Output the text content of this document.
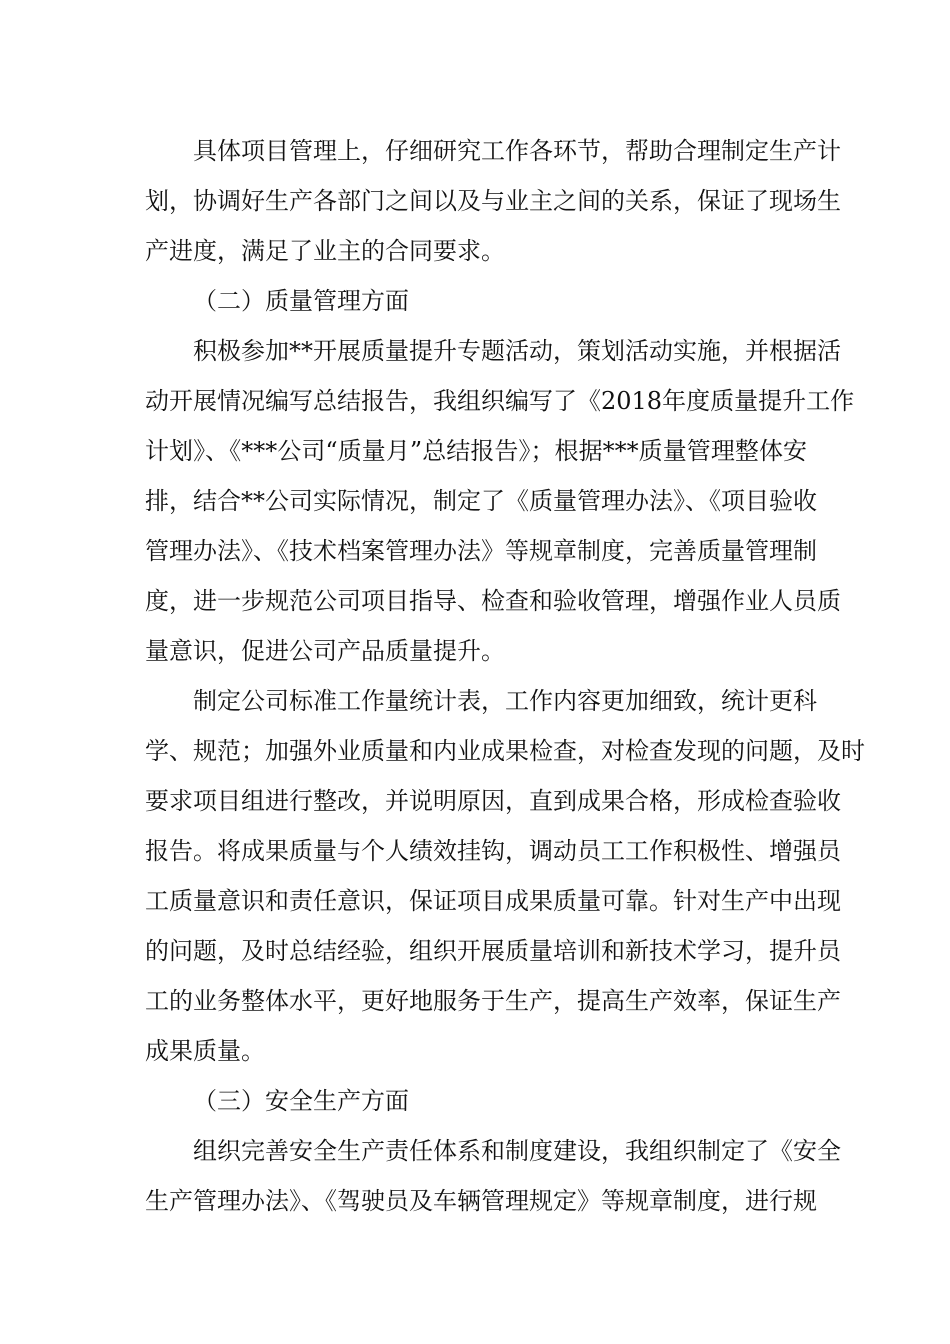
具体项目管理上，仔细研究工作各环节，帮助合理制定生产计
划，协调好生产各部门之间以及与业主之间的关系，保证了现场生
产进度，满足了业主的合同要求。
（二）质量管理方面
积极参加**开展质量提升专题活动，策划活动实施，并根据活
动开展情况编写总结报告，我组织编写了《2018年度质量提升工作
计划》、《***公司“质量月”总结报告》；根据***质量管理整体安
排，结合**公司实际情况，制定了《质量管理办法》、《项目验收
管理办法》、《技术档案管理办法》等规章制度，完善质量管理制
度，进一步规范公司项目指导、检查和验收管理，增强作业人员质
量意识，促进公司产品质量提升。
制定公司标准工作量统计表，工作内容更加细致，统计更科
学、规范；加强外业质量和内业成果检查，对检查发现的问题，及时
要求项目组进行整改，并说明原因，直到成果合格，形成检查验收
报告。将成果质量与个人绩效挂钩，调动员工工作积极性、增强员
工质量意识和责任意识，保证项目成果质量可靠。针对生产中出现
的问题，及时总结经验，组织开展质量培训和新技术学习，提升员
工的业务整体水平，更好地服务于生产，提高生产效率，保证生产
成果质量。
（三）安全生产方面
组织完善安全生产责任体系和制度建设，我组织制定了《安全
生产管理办法》、《驾驶员及车辆管理规定》等规章制度，进行规
